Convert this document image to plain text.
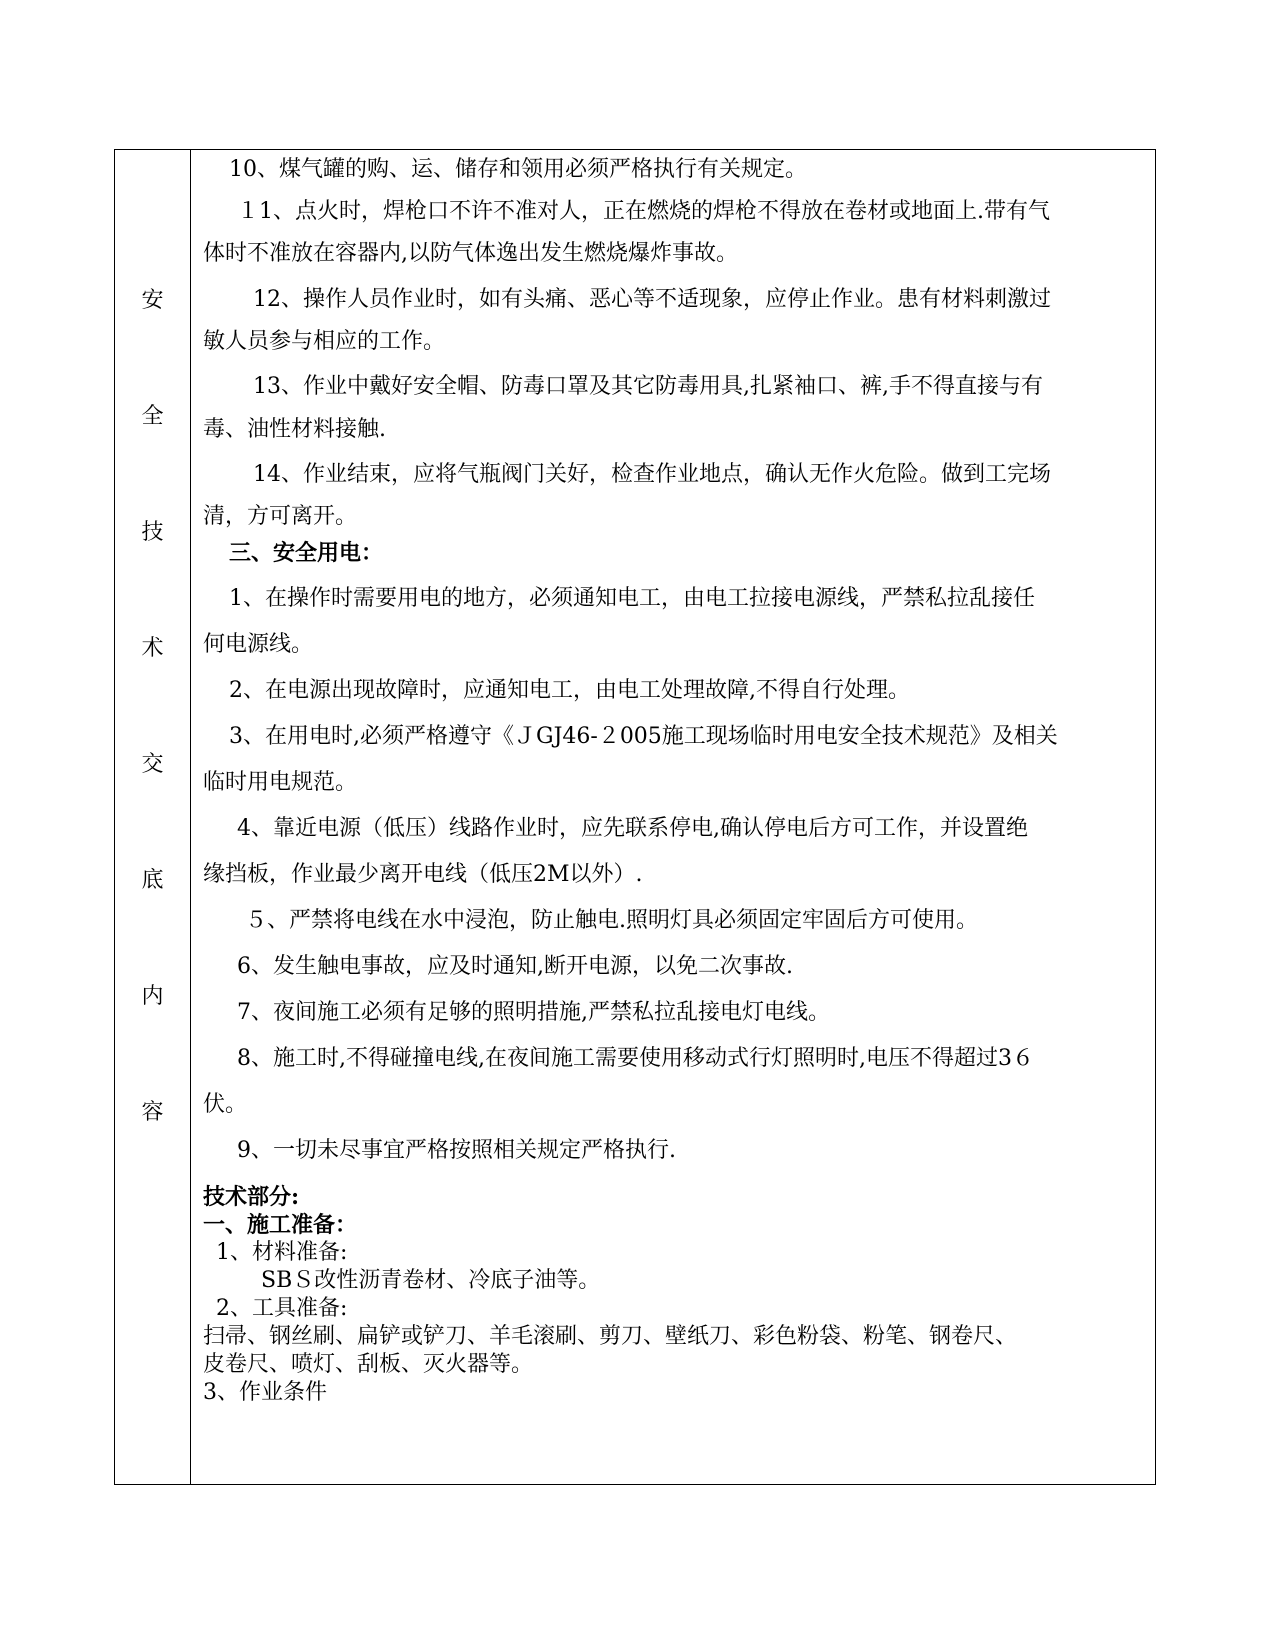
安
全
技
术
交
底
内
容

10、煤气罐的购、运、储存和领用必须严格执行有关规定。

１1、点火时，焊枪口不许不准对人，正在燃烧的焊枪不得放在卷材或地面上.带有气

体时不准放在容器内,以防气体逸出发生燃烧爆炸事故。

12、操作人员作业时，如有头痛、恶心等不适现象，应停止作业。患有材料刺激过

敏人员参与相应的工作。

13、作业中戴好安全帽、防毒口罩及其它防毒用具,扎紧袖口、裤,手不得直接与有

毒、油性材料接触.

14、作业结束，应将气瓶阀门关好，检查作业地点，确认无作火危险。做到工完场

清，方可离开。

三、安全用电：

1、在操作时需要用电的地方，必须通知电工，由电工拉接电源线，严禁私拉乱接任

何电源线。

2、在电源出现故障时，应通知电工，由电工处理故障,不得自行处理。

3、在用电时,必须严格遵守《ＪGJ46-２005施工现场临时用电安全技术规范》及相关

临时用电规范。

4、靠近电源（低压）线路作业时，应先联系停电,确认停电后方可工作，并设置绝

缘挡板，作业最少离开电线（低压2M以外）.

５、严禁将电线在水中浸泡，防止触电.照明灯具必须固定牢固后方可使用。

6、发生触电事故，应及时通知,断开电源，以免二次事故.

7、夜间施工必须有足够的照明措施,严禁私拉乱接电灯电线。

8、施工时,不得碰撞电线,在夜间施工需要使用移动式行灯照明时,电压不得超过3６

伏。

9、一切未尽事宜严格按照相关规定严格执行.

技术部分:

一、施工准备：

1、材料准备:

SBＳ改性沥青卷材、冷底子油等。

2、工具准备:

扫帚、钢丝刷、扁铲或铲刀、羊毛滚刷、剪刀、壁纸刀、彩色粉袋、粉笔、钢卷尺、

皮卷尺、喷灯、刮板、灭火器等。

3、作业条件
